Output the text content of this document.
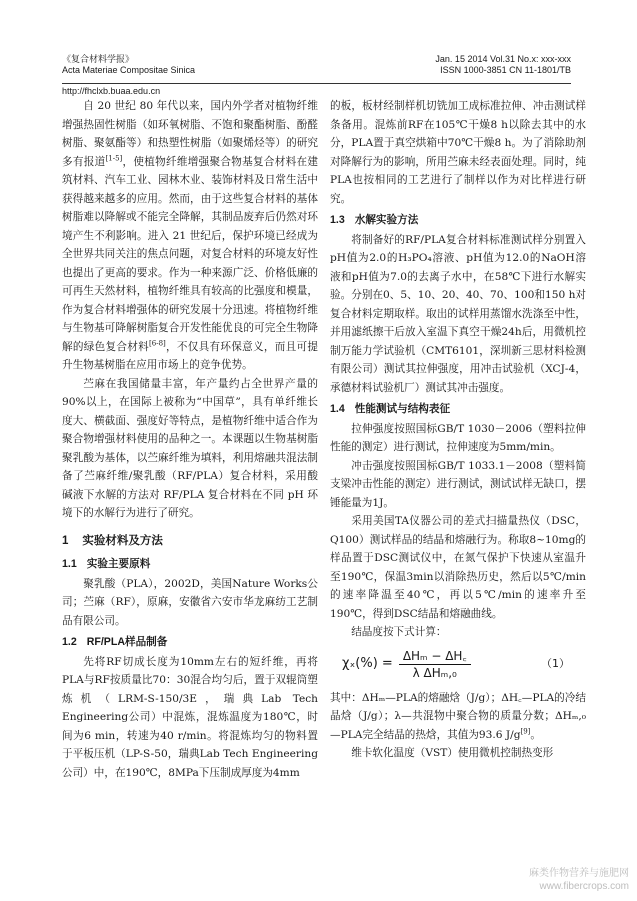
《复合材料学报》
Acta Materiae Compositae Sinica
Jan. 15 2014 Vol.31 No.x: xxx-xxx
ISSN 1000-3851 CN 11-1801/TB
http://fhclxb.buaa.edu.cn

自 20 世纪 80 年代以来，国内外学者对植物纤维增强热固性树脂（如环氧树脂、不饱和聚酯树脂、酚醛树脂、聚氨酯等）和热塑性树脂（如聚烯烃等）的研究多有报道[1-5]，使植物纤维增强聚合物基复合材料在建筑材料、汽车工业、园林木业、装饰材料及日常生活中获得越来越多的应用。然而，由于这些复合材料的基体树脂难以降解或不能完全降解，其制品废弃后仍然对环境产生不利影响。进入 21 世纪后，保护环境已经成为全世界共同关注的焦点问题，对复合材料的环境友好性也提出了更高的要求。作为一种来源广泛、价格低廉的可再生天然材料，植物纤维具有较高的比强度和模量，作为复合材料增强体的研究发展十分迅速。将植物纤维与生物基可降解树脂复合开发性能优良的可完全生物降解的绿色复合材料[6-8]，不仅具有环保意义，而且可提升生物基树脂在应用市场上的竞争优势。

苎麻在我国储量丰富，年产量约占全世界产量的 90%以上，在国际上被称为“中国草”，具有单纤维长度大、横截面、强度好等特点，是植物纤维中适合作为聚合物增强材料使用的品种之一。本课题以生物基树脂聚乳酸为基体，以苎麻纤维为填料，利用熔融共混法制备了苎麻纤维/聚乳酸（RF/PLA）复合材料，采用酸碱液下水解的方法对 RF/PLA 复合材料在不同 pH 环境下的水解行为进行了研究。

1 实验材料及方法
1.1 实验主要原料

聚乳酸（PLA），2002D，美国Nature Works公司；苎麻（RF），原麻，安徽省六安市华龙麻纺工艺制品有限公司。

1.2 RF/PLA样品制备

先将RF切成长度为10mm左右的短纤维，再将PLA与RF按质量比70：30混合均匀后，置于双辊筒塑炼机（LRM-S-150/3E，瑞典Lab Tech Engineering公司）中混炼，混炼温度为180℃，时间为6 min，转速为40 r/min。将混炼均匀的物料置于平板压机（LP-S-50，瑞典Lab Tech Engineering公司）中，在190℃，8MPa下压制成厚度为4mm

的板，板材经制样机切铣加工成标准拉伸、冲击测试样条备用。混炼前RF在105℃干燥8 h以除去其中的水分，PLA置于真空烘箱中70℃干燥8 h。为了消除助剂对降解行为的影响，所用苎麻未经表面处理。同时，纯PLA也按相同的工艺进行了制样以作为对比样进行研究。

1.3 水解实验方法

将制备好的RF/PLA复合材料标准测试样分别置入pH值为2.0的H₃PO₄溶液、pH值为12.0的NaOH溶液和pH值为7.0的去离子水中，在58℃下进行水解实验。分别在0、5、10、20、40、70、100和150 h对复合材料定期取样。取出的试样用蒸馏水洗涤至中性，并用滤纸擦干后放入室温下真空干燥24h后，用微机控制万能力学试验机（CMT6101，深圳新三思材料检测有限公司）测试其拉伸强度，用冲击试验机（XCJ-4，承德材料试验机厂）测试其冲击强度。

1.4 性能测试与结构表征

拉伸强度按照国标GB/T 1030－2006（塑料拉伸性能的测定）进行测试，拉伸速度为5mm/min。

冲击强度按照国标GB/T 1033.1－2008（塑料简支梁冲击性能的测定）进行测试，测试试样无缺口，摆锤能量为1J。

采用美国TA仪器公司的差式扫描量热仪（DSC，Q100）测试样品的结晶和熔融行为。称取8~10mg的样品置于DSC测试仪中，在氮气保护下快速从室温升至190℃，保温3min以消除热历史，然后以5℃/min的速率降温至40℃，再以5℃/min的速率升至190℃，得到DSC结晶和熔融曲线。

结晶度按下式计算：

$\chi_x(\%) = \frac{\text{ΔHₘ − ΔH꜀}}{\text{λ ΔHₘ,₀}}$	（1）

其中：ΔHₘ—PLA的熔融焓（J/g）；ΔH꜀—PLA的冷结晶焓（J/g）；λ—共混物中聚合物的质量分数；ΔHₘ,₀—PLA完全结晶的热焓，其值为93.6 J/g[9]。

维卡软化温度（VST）使用微机控制热变形

麻类作物营养与施肥网
www.fibercrops.com
